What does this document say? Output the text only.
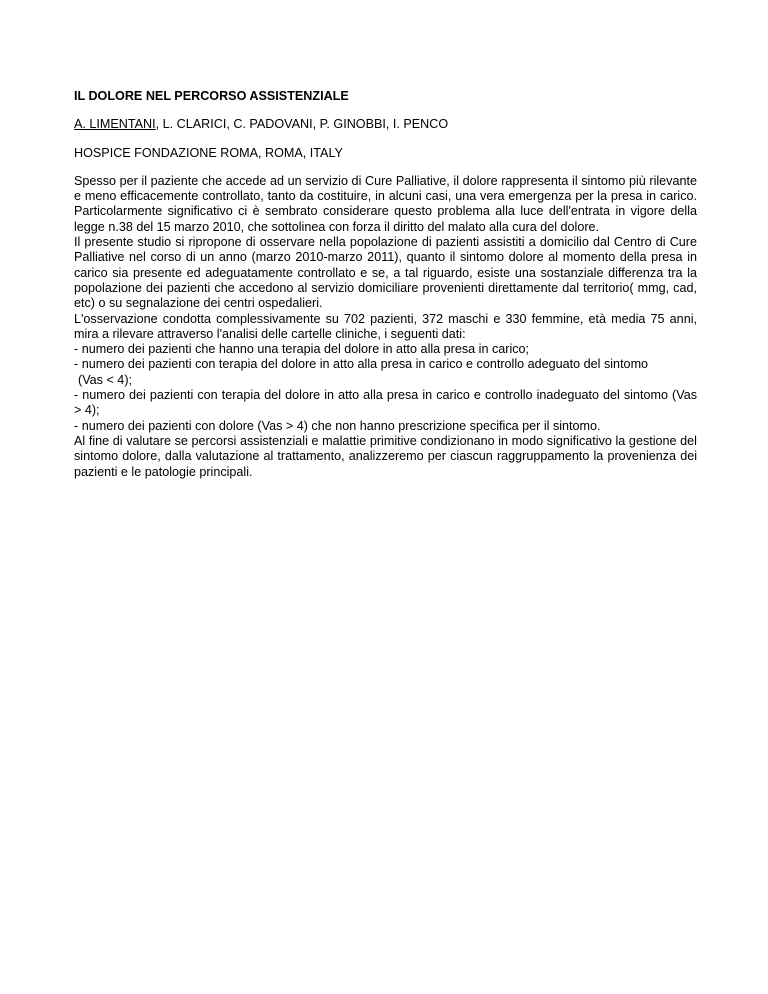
IL DOLORE NEL PERCORSO ASSISTENZIALE
A. LIMENTANI, L. CLARICI, C. PADOVANI, P. GINOBBI, I. PENCO
HOSPICE FONDAZIONE ROMA, ROMA, ITALY

Spesso per il paziente che accede ad un servizio di Cure Palliative, il dolore rappresenta il sintomo più rilevante e meno efficacemente controllato, tanto da costituire, in alcuni casi, una vera emergenza per la presa in carico. Particolarmente significativo ci è sembrato considerare questo problema alla luce dell'entrata in vigore della legge n.38 del 15 marzo 2010, che sottolinea con forza il diritto del malato alla cura del dolore.

Il presente studio si ripropone di osservare nella popolazione di pazienti assistiti a domicilio dal Centro di Cure Palliative nel corso di un anno (marzo 2010-marzo 2011), quanto il sintomo dolore al momento della presa in carico sia presente ed adeguatamente controllato e se, a tal riguardo, esiste una sostanziale differenza tra la popolazione dei pazienti che accedono al servizio domiciliare provenienti direttamente dal territorio( mmg, cad, etc) o su segnalazione dei centri ospedalieri.

L'osservazione condotta complessivamente su 702 pazienti, 372 maschi e 330 femmine, età media 75 anni, mira a rilevare attraverso l'analisi delle cartelle cliniche, i seguenti dati:

- numero dei pazienti che hanno una terapia del dolore in atto alla presa in carico;

- numero dei pazienti con terapia del dolore in atto alla presa in carico e controllo adeguato del sintomo

(Vas < 4);

- numero dei pazienti con terapia del dolore in atto alla presa in carico e controllo inadeguato del sintomo (Vas > 4);

- numero dei pazienti con dolore (Vas > 4) che non hanno prescrizione specifica per il sintomo.

Al fine di valutare se percorsi assistenziali e malattie primitive condizionano in modo significativo la gestione del sintomo dolore, dalla valutazione al trattamento, analizzeremo per ciascun raggruppamento la provenienza dei pazienti e le patologie principali.
